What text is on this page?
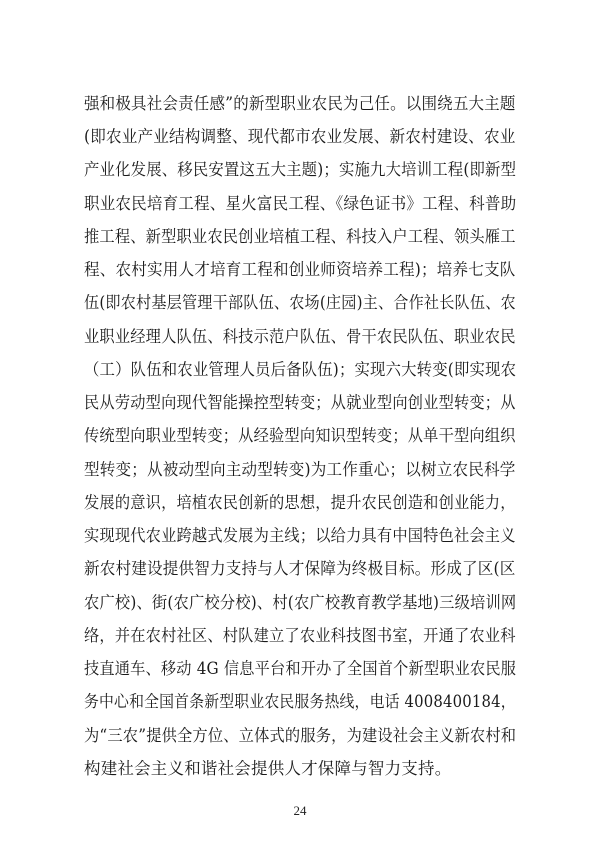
强和极具社会责任感”的新型职业农民为己任。以围绕五大主题
(即农业产业结构调整、现代都市农业发展、新农村建设、农业
产业化发展、移民安置这五大主题)；实施九大培训工程(即新型
职业农民培育工程、星火富民工程、《绿色证书》工程、科普助
推工程、新型职业农民创业培植工程、科技入户工程、领头雁工
程、农村实用人才培育工程和创业师资培养工程)；培养七支队
伍(即农村基层管理干部队伍、农场(庄园)主、合作社长队伍、农
业职业经理人队伍、科技示范户队伍、骨干农民队伍、职业农民
（工）队伍和农业管理人员后备队伍)；实现六大转变(即实现农
民从劳动型向现代智能操控型转变；从就业型向创业型转变；从
传统型向职业型转变；从经验型向知识型转变；从单干型向组织
型转变；从被动型向主动型转变)为工作重心；以树立农民科学
发展的意识，培植农民创新的思想，提升农民创造和创业能力，
实现现代农业跨越式发展为主线；以给力具有中国特色社会主义
新农村建设提供智力支持与人才保障为终极目标。形成了区(区
农广校)、街(农广校分校)、村(农广校教育教学基地)三级培训网
络，并在农村社区、村队建立了农业科技图书室，开通了农业科
技直通车、移动 4G 信息平台和开办了全国首个新型职业农民服
务中心和全国首条新型职业农民服务热线，电话 4008400184，
为“三农”提供全方位、立体式的服务，为建设社会主义新农村和
构建社会主义和谐社会提供人才保障与智力支持。
24
